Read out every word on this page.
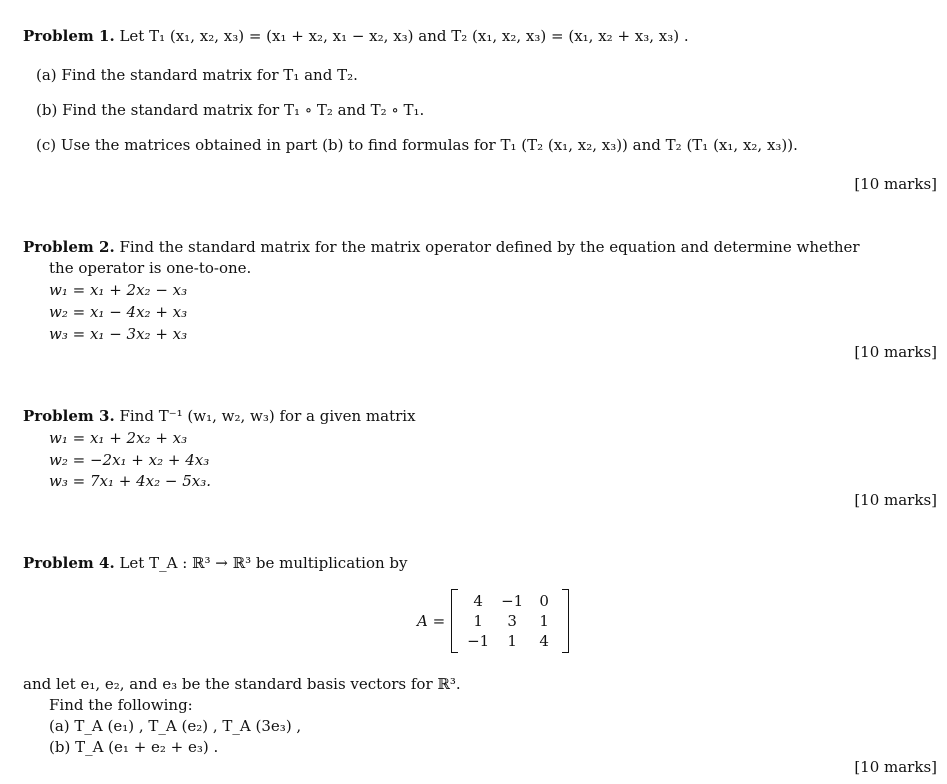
Problem 1. Let T₁ (x₁, x₂, x₃) = (x₁ + x₂, x₁ − x₂, x₃) and T₂ (x₁, x₂, x₃) = (x₁, x₂ + x₃, x₃) .
(a) Find the standard matrix for T₁ and T₂.
(b) Find the standard matrix for T₁ ∘ T₂ and T₂ ∘ T₁.
(c) Use the matrices obtained in part (b) to find formulas for T₁ (T₂ (x₁, x₂, x₃)) and T₂ (T₁ (x₁, x₂, x₃)).
[10 marks]
Problem 2. Find the standard matrix for the matrix operator defined by the equation and determine whether
the operator is one-to-one.
w₁ = x₁ + 2x₂ − x₃
w₂ = x₁ − 4x₂ + x₃
w₃ = x₁ − 3x₂ + x₃
[10 marks]
Problem 3. Find T⁻¹ (w₁, w₂, w₃) for a given matrix
w₁ = x₁ + 2x₂ + x₃
w₂ = −2x₁ + x₂ + 4x₃
w₃ = 7x₁ + 4x₂ − 5x₃.
[10 marks]
Problem 4. Let T_A : ℝ³ → ℝ³ be multiplication by
A =
4	−1	0
1	3	1
−1	1	4
and let e₁, e₂, and e₃ be the standard basis vectors for ℝ³.
Find the following:
(a) T_A (e₁) , T_A (e₂) , T_A (3e₃) ,
(b) T_A (e₁ + e₂ + e₃) .
[10 marks]
